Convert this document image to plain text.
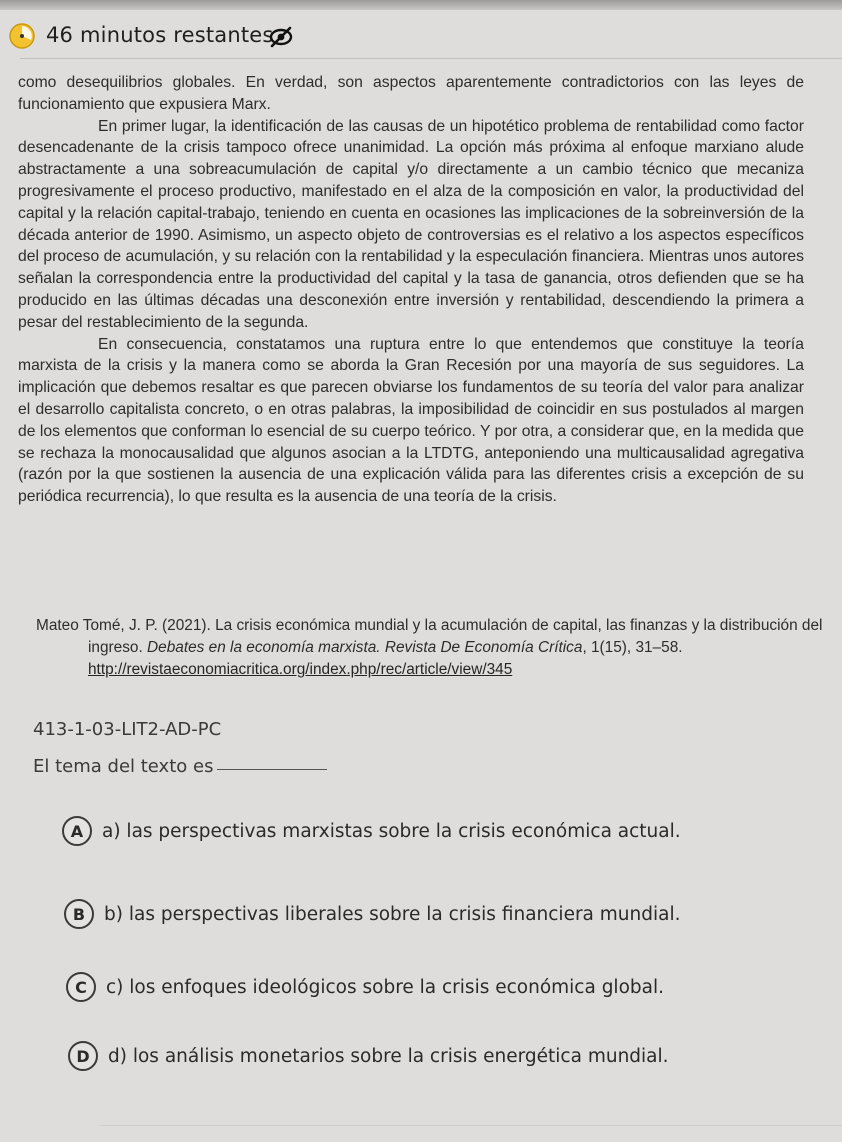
46 minutos restantes

como desequilibrios globales. En verdad, son aspectos aparentemente contradictorios con las leyes de funcionamiento que expusiera Marx.

En primer lugar, la identificación de las causas de un hipotético problema de rentabilidad como factor desencadenante de la crisis tampoco ofrece unanimidad. La opción más próxima al enfoque marxiano alude abstractamente a una sobreacumulación de capital y/o directamente a un cambio técnico que mecaniza progresivamente el proceso productivo, manifestado en el alza de la composición en valor, la productividad del capital y la relación capital-trabajo, teniendo en cuenta en ocasiones las implicaciones de la sobreinversión de la década anterior de 1990. Asimismo, un aspecto objeto de controversias es el relativo a los aspectos específicos del proceso de acumulación, y su relación con la rentabilidad y la especulación financiera. Mientras unos autores señalan la correspondencia entre la productividad del capital y la tasa de ganancia, otros defienden que se ha producido en las últimas décadas una desconexión entre inversión y rentabilidad, descendiendo la primera a pesar del restablecimiento de la segunda.

En consecuencia, constatamos una ruptura entre lo que entendemos que constituye la teoría marxista de la crisis y la manera como se aborda la Gran Recesión por una mayoría de sus seguidores. La implicación que debemos resaltar es que parecen obviarse los fundamentos de su teoría del valor para analizar el desarrollo capitalista concreto, o en otras palabras, la imposibilidad de coincidir en sus postulados al margen de los elementos que conforman lo esencial de su cuerpo teórico. Y por otra, a considerar que, en la medida que se rechaza la monocausalidad que algunos asocian a la LTDTG, anteponiendo una multicausalidad agregativa (razón por la que sostienen la ausencia de una explicación válida para las diferentes crisis a excepción de su periódica recurrencia), lo que resulta es la ausencia de una teoría de la crisis.

Mateo Tomé, J. P. (2021). La crisis económica mundial y la acumulación de capital, las finanzas y la distribución del ingreso. Debates en la economía marxista. Revista De Economía Crítica, 1(15), 31–58. http://revistaeconomiacritica.org/index.php/rec/article/view/345
413-1-03-LIT2-AD-PC
El tema del texto es
A	a) las perspectivas marxistas sobre la crisis económica actual.
B	b) las perspectivas liberales sobre la crisis financiera mundial.
C	c) los enfoques ideológicos sobre la crisis económica global.
D d) los análisis monetarios sobre la crisis energética mundial.
